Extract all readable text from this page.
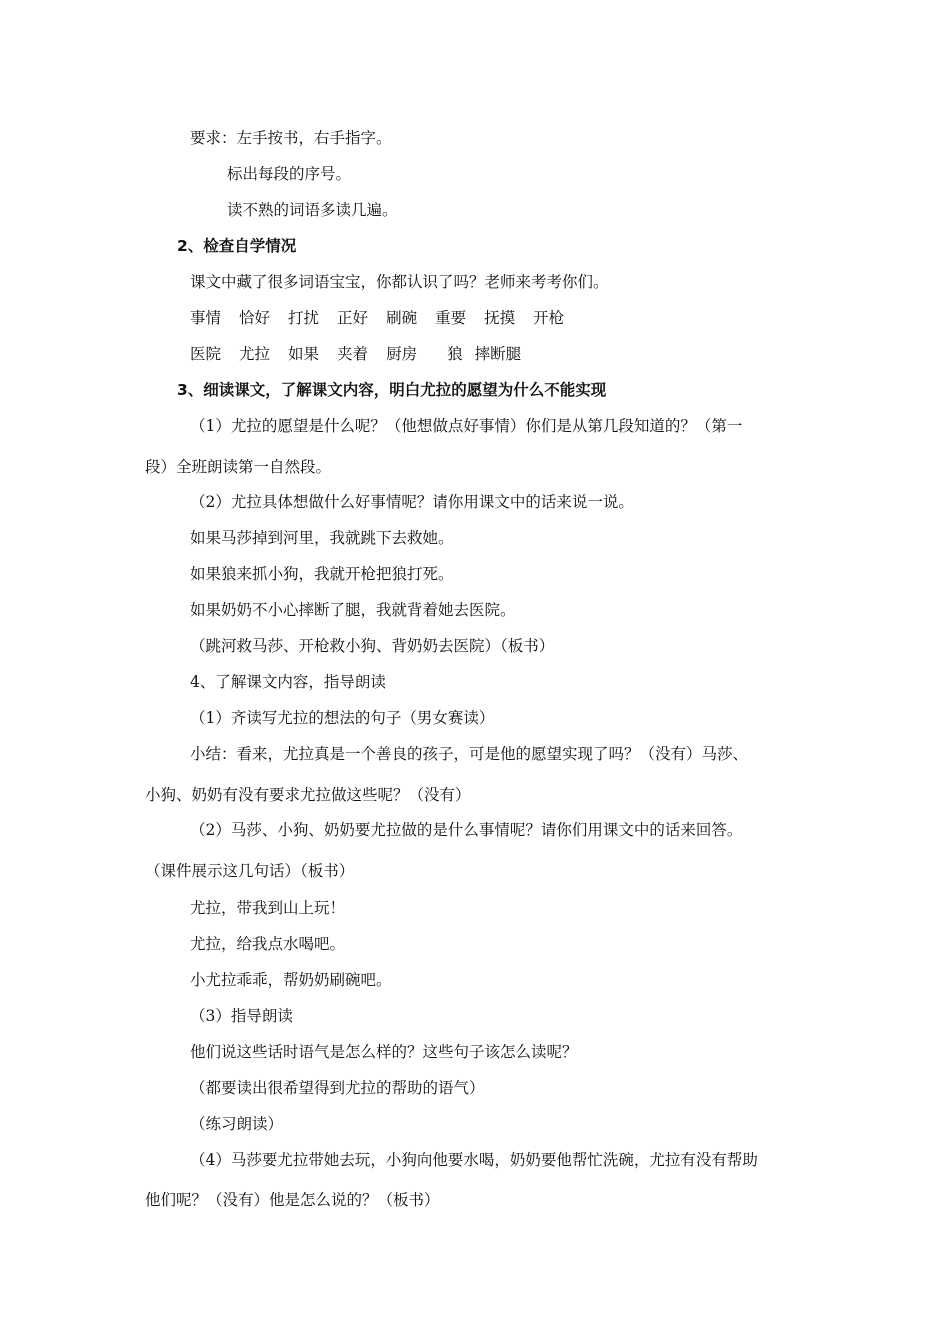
要求：左手按书，右手指字。
标出每段的序号。
读不熟的词语多读几遍。
2、检查自学情况
课文中藏了很多词语宝宝，你都认识了吗？老师来考考你们。
事情 恰好 打扰 正好 刷碗 重要 抚摸 开枪
医院 尤拉 如果 夹着 厨房 狼 摔断腿
3、细读课文，了解课文内容，明白尤拉的愿望为什么不能实现
（1）尤拉的愿望是什么呢？（他想做点好事情）你们是从第几段知道的？（第一
段）全班朗读第一自然段。
（2）尤拉具体想做什么好事情呢？请你用课文中的话来说一说。
如果马莎掉到河里，我就跳下去救她。
如果狼来抓小狗，我就开枪把狼打死。
如果奶奶不小心摔断了腿，我就背着她去医院。
（跳河救马莎、开枪救小狗、背奶奶去医院）（板书）
4、了解课文内容，指导朗读
（1）齐读写尤拉的想法的句子（男女赛读）
小结：看来，尤拉真是一个善良的孩子，可是他的愿望实现了吗？（没有）马莎、
小狗、奶奶有没有要求尤拉做这些呢？（没有）
（2）马莎、小狗、奶奶要尤拉做的是什么事情呢？请你们用课文中的话来回答。
（课件展示这几句话）（板书）
尤拉，带我到山上玩！
尤拉，给我点水喝吧。
小尤拉乖乖，帮奶奶刷碗吧。
（3）指导朗读
他们说这些话时语气是怎么样的？这些句子该怎么读呢？
（都要读出很希望得到尤拉的帮助的语气）
（练习朗读）
（4）马莎要尤拉带她去玩，小狗向他要水喝，奶奶要他帮忙洗碗，尤拉有没有帮助
他们呢？（没有）他是怎么说的？（板书）
